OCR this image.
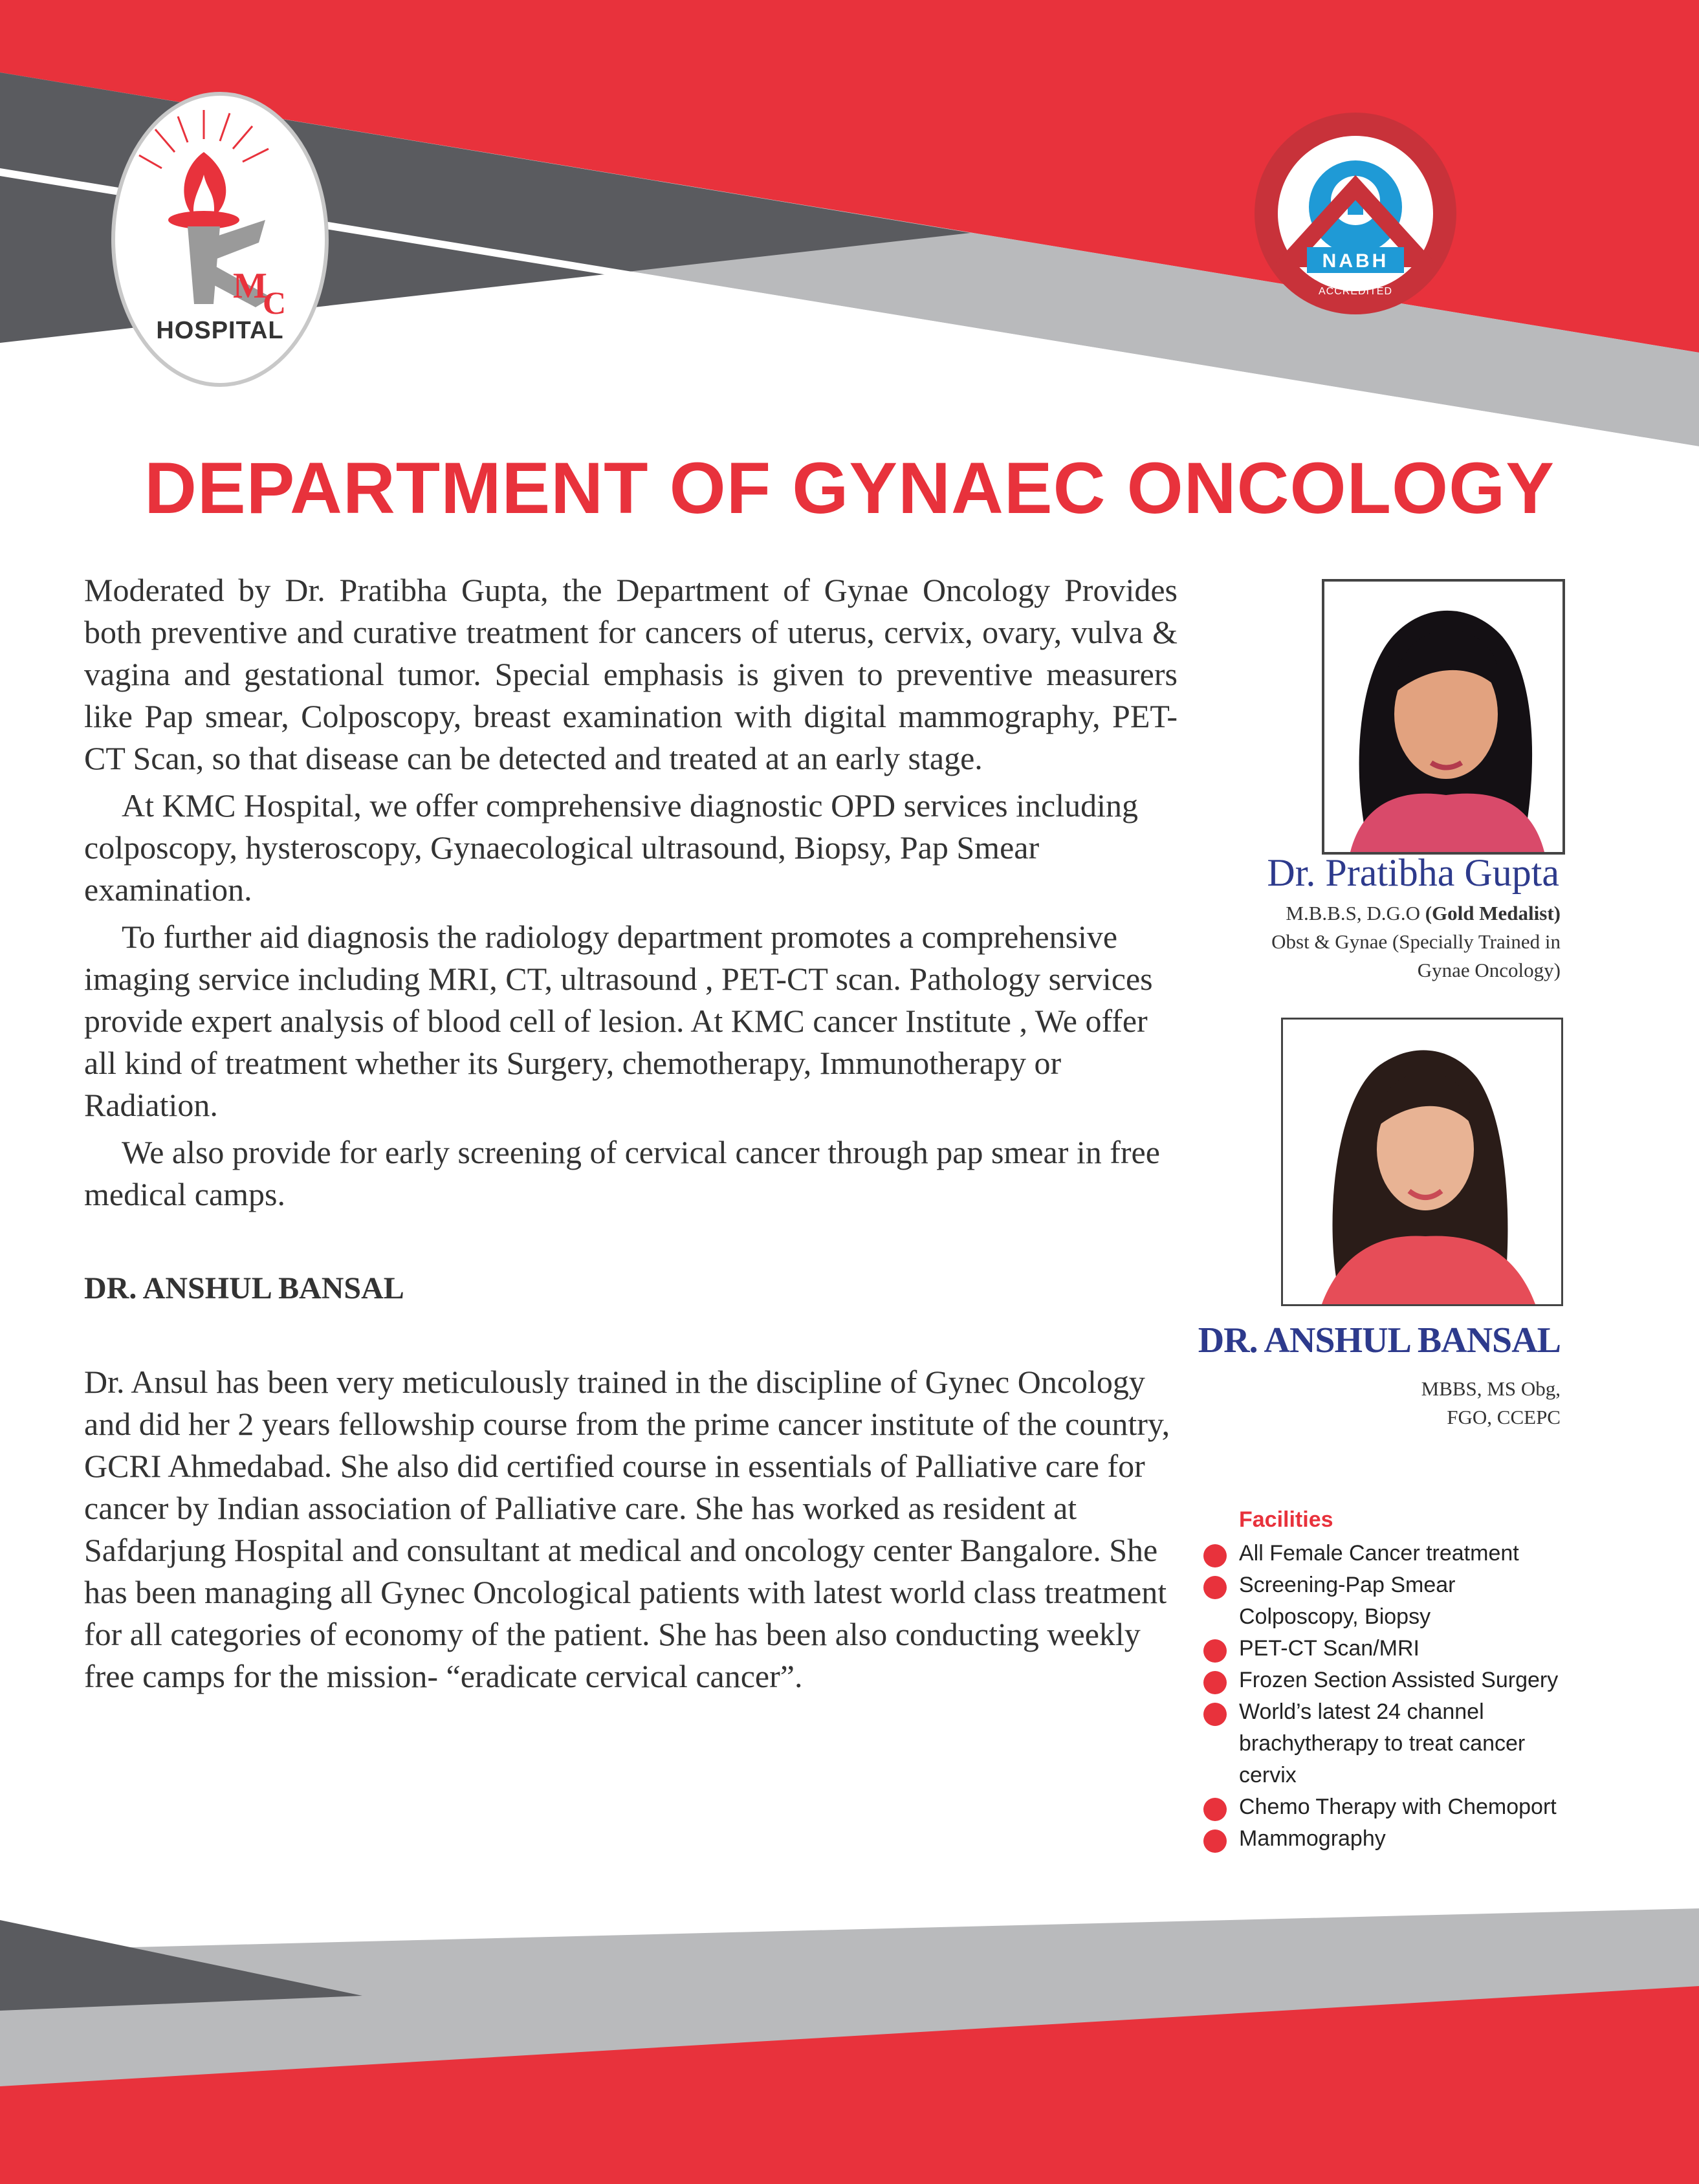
M
C
HOSPITAL
NABH
ACCREDITED
DEPARTMENT OF GYNAEC ONCOLOGY

Moderated by Dr. Pratibha Gupta, the Department of Gynae Oncology Provides both preventive and curative treatment for cancers of uterus, cervix, ovary, vulva & vagina and gestational tumor. Special emphasis is given to preventive measurers like Pap smear, Colposcopy, breast examination with digital mammography, PET-CT Scan, so that disease can be detected and treated at an early stage.

At KMC Hospital, we offer comprehensive diagnostic OPD services including colposcopy, hysteroscopy, Gynaecological ultrasound, Biopsy, Pap Smear examination.

To further aid diagnosis the radiology department promotes a comprehensive imaging service including MRI, CT, ultrasound , PET-CT scan. Pathology services provide expert analysis of blood cell of lesion. At KMC cancer Institute , We offer all kind of treatment whether its Surgery, chemotherapy, Immunotherapy or Radiation.

We also provide for early screening of cervical cancer through pap smear in free medical camps.

DR. ANSHUL BANSAL

Dr. Ansul has been very meticulously trained in the discipline of Gynec Oncology and did her 2 years fellowship course from the prime cancer institute of the country, GCRI Ahmedabad. She also did certified course in essentials of Palliative care for cancer by Indian association of Palliative care. She has worked as resident at Safdarjung Hospital and consultant at medical and oncology center Bangalore. She has been managing all Gynec Oncological patients with latest world class treatment for all categories of economy of the patient. She has been also conducting weekly free camps for the mission- “eradicate cervical cancer”.

Dr. Pratibha Gupta
M.B.B.S, D.G.O (Gold Medalist)
Obst & Gynae (Specially Trained in
Gynae Oncology)
DR. ANSHUL BANSAL
MBBS, MS Obg,
FGO, CCEPC
Facilities
All Female Cancer treatment
Screening-Pap Smear
Colposcopy, Biopsy
PET-CT Scan/MRI
Frozen Section Assisted Surgery
World’s latest 24 channel
brachytherapy to treat cancer
cervix
Chemo Therapy with Chemoport
Mammography
